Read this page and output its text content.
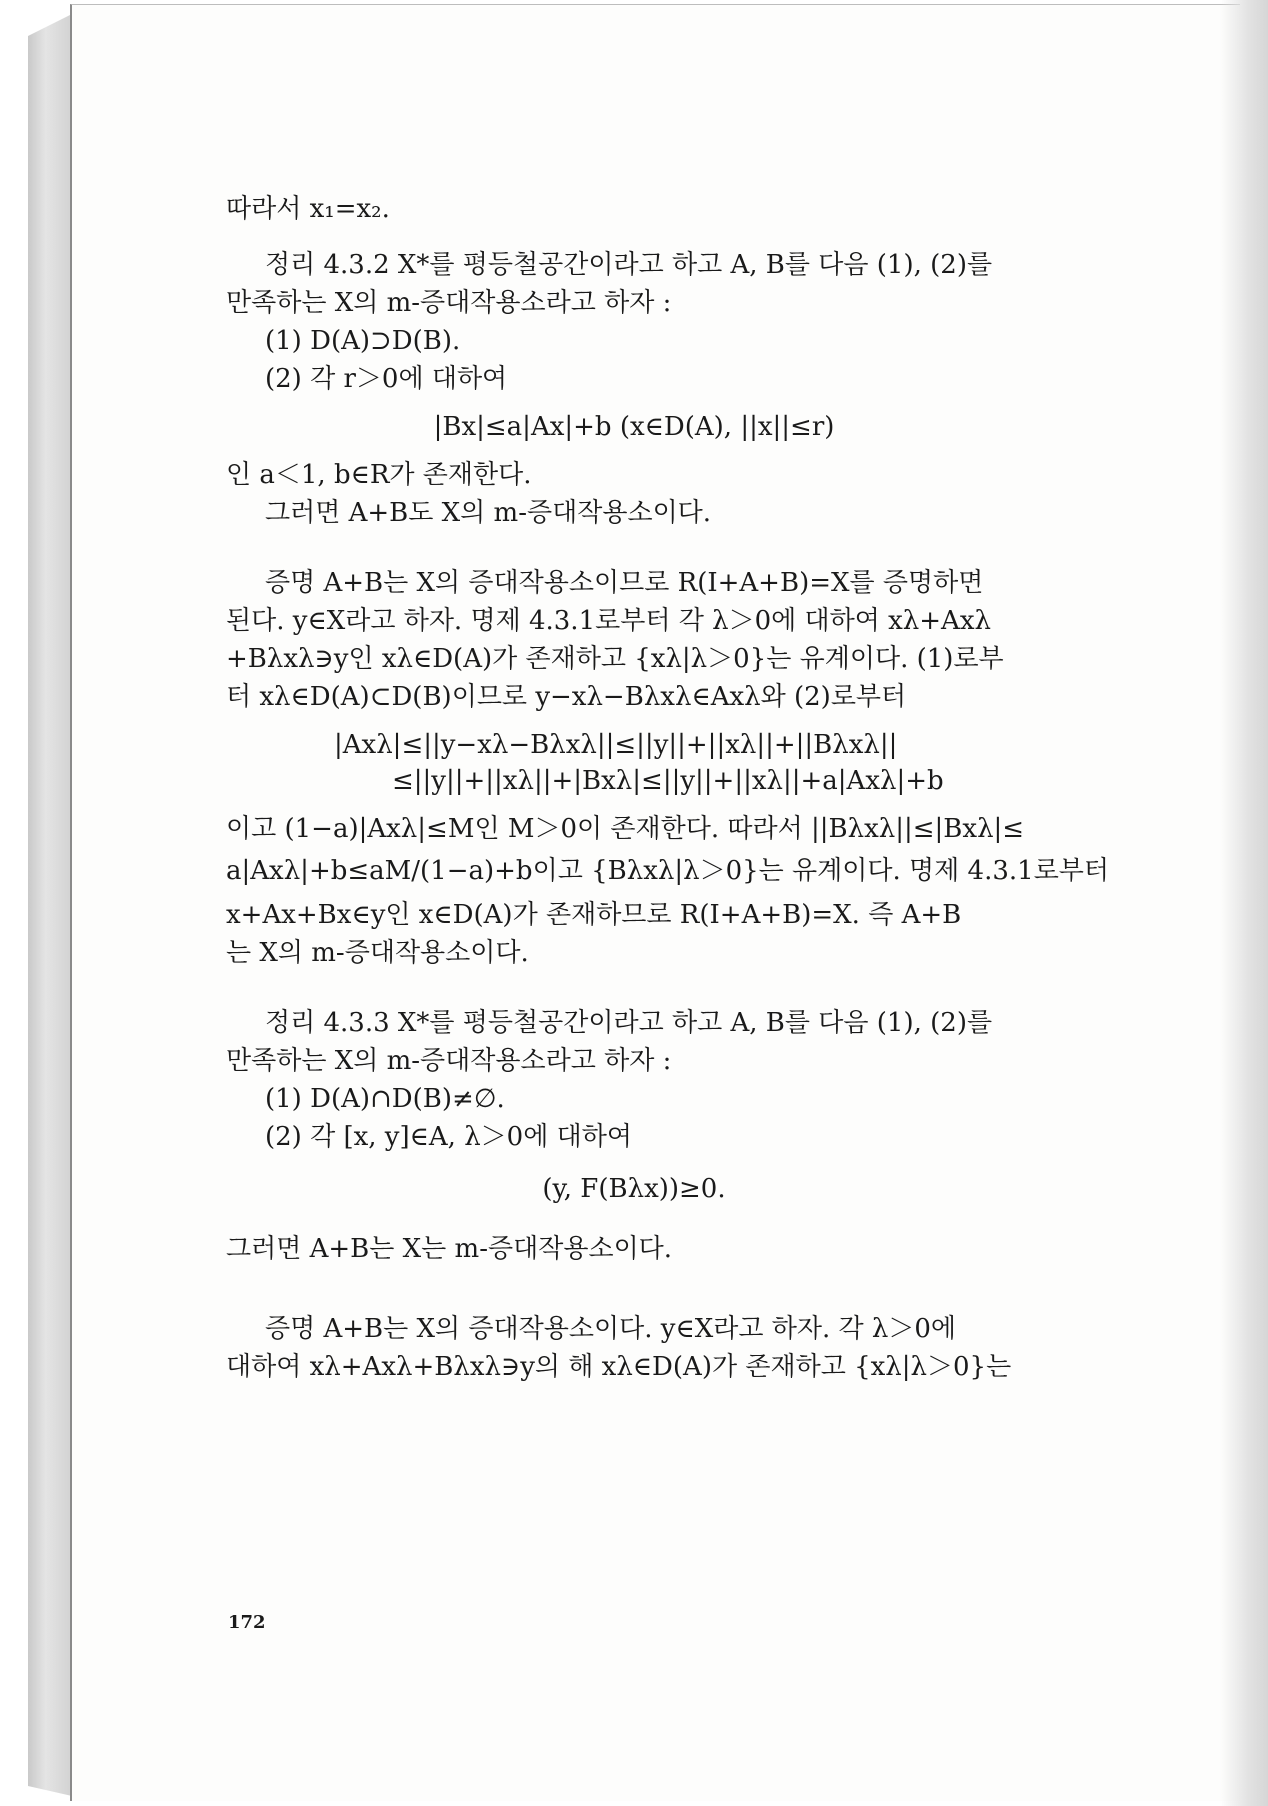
따라서 x₁=x₂.
정리 4.3.2 X*를 평등철공간이라고 하고 A, B를 다음 (1), (2)를
만족하는 X의 m-증대작용소라고 하자 :
(1) D(A)⊃D(B).
(2) 각 r＞0에 대하여
|Bx|≤a|Ax|+b (x∈D(A), ||x||≤r)
인 a＜1, b∈R가 존재한다.
그러면 A+B도 X의 m-증대작용소이다.
증명 A+B는 X의 증대작용소이므로 R(I+A+B)=X를 증명하면
된다. y∈X라고 하자. 명제 4.3.1로부터 각 λ＞0에 대하여 xλ+Axλ
+Bλxλ∋y인 xλ∈D(A)가 존재하고 {xλ|λ＞0}는 유계이다. (1)로부
터 xλ∈D(A)⊂D(B)이므로 y−xλ−Bλxλ∈Axλ와 (2)로부터
|Axλ|≤||y−xλ−Bλxλ||≤||y||+||xλ||+||Bλxλ||
≤||y||+||xλ||+|Bxλ|≤||y||+||xλ||+a|Axλ|+b
이고 (1−a)|Axλ|≤M인 M＞0이 존재한다. 따라서 ||Bλxλ||≤|Bxλ|≤
a|Axλ|+b≤aM/(1−a)+b이고 {Bλxλ|λ＞0}는 유계이다. 명제 4.3.1로부터
x+Ax+Bx∈y인 x∈D(A)가 존재하므로 R(I+A+B)=X. 즉 A+B
는 X의 m-증대작용소이다.
정리 4.3.3 X*를 평등철공간이라고 하고 A, B를 다음 (1), (2)를
만족하는 X의 m-증대작용소라고 하자 :
(1) D(A)∩D(B)≠∅.
(2) 각 [x, y]∈A, λ＞0에 대하여
(y, F(Bλx))≥0.
그러면 A+B는 X는 m-증대작용소이다.
증명 A+B는 X의 증대작용소이다. y∈X라고 하자. 각 λ＞0에
대하여 xλ+Axλ+Bλxλ∋y의 해 xλ∈D(A)가 존재하고 {xλ|λ＞0}는
172
